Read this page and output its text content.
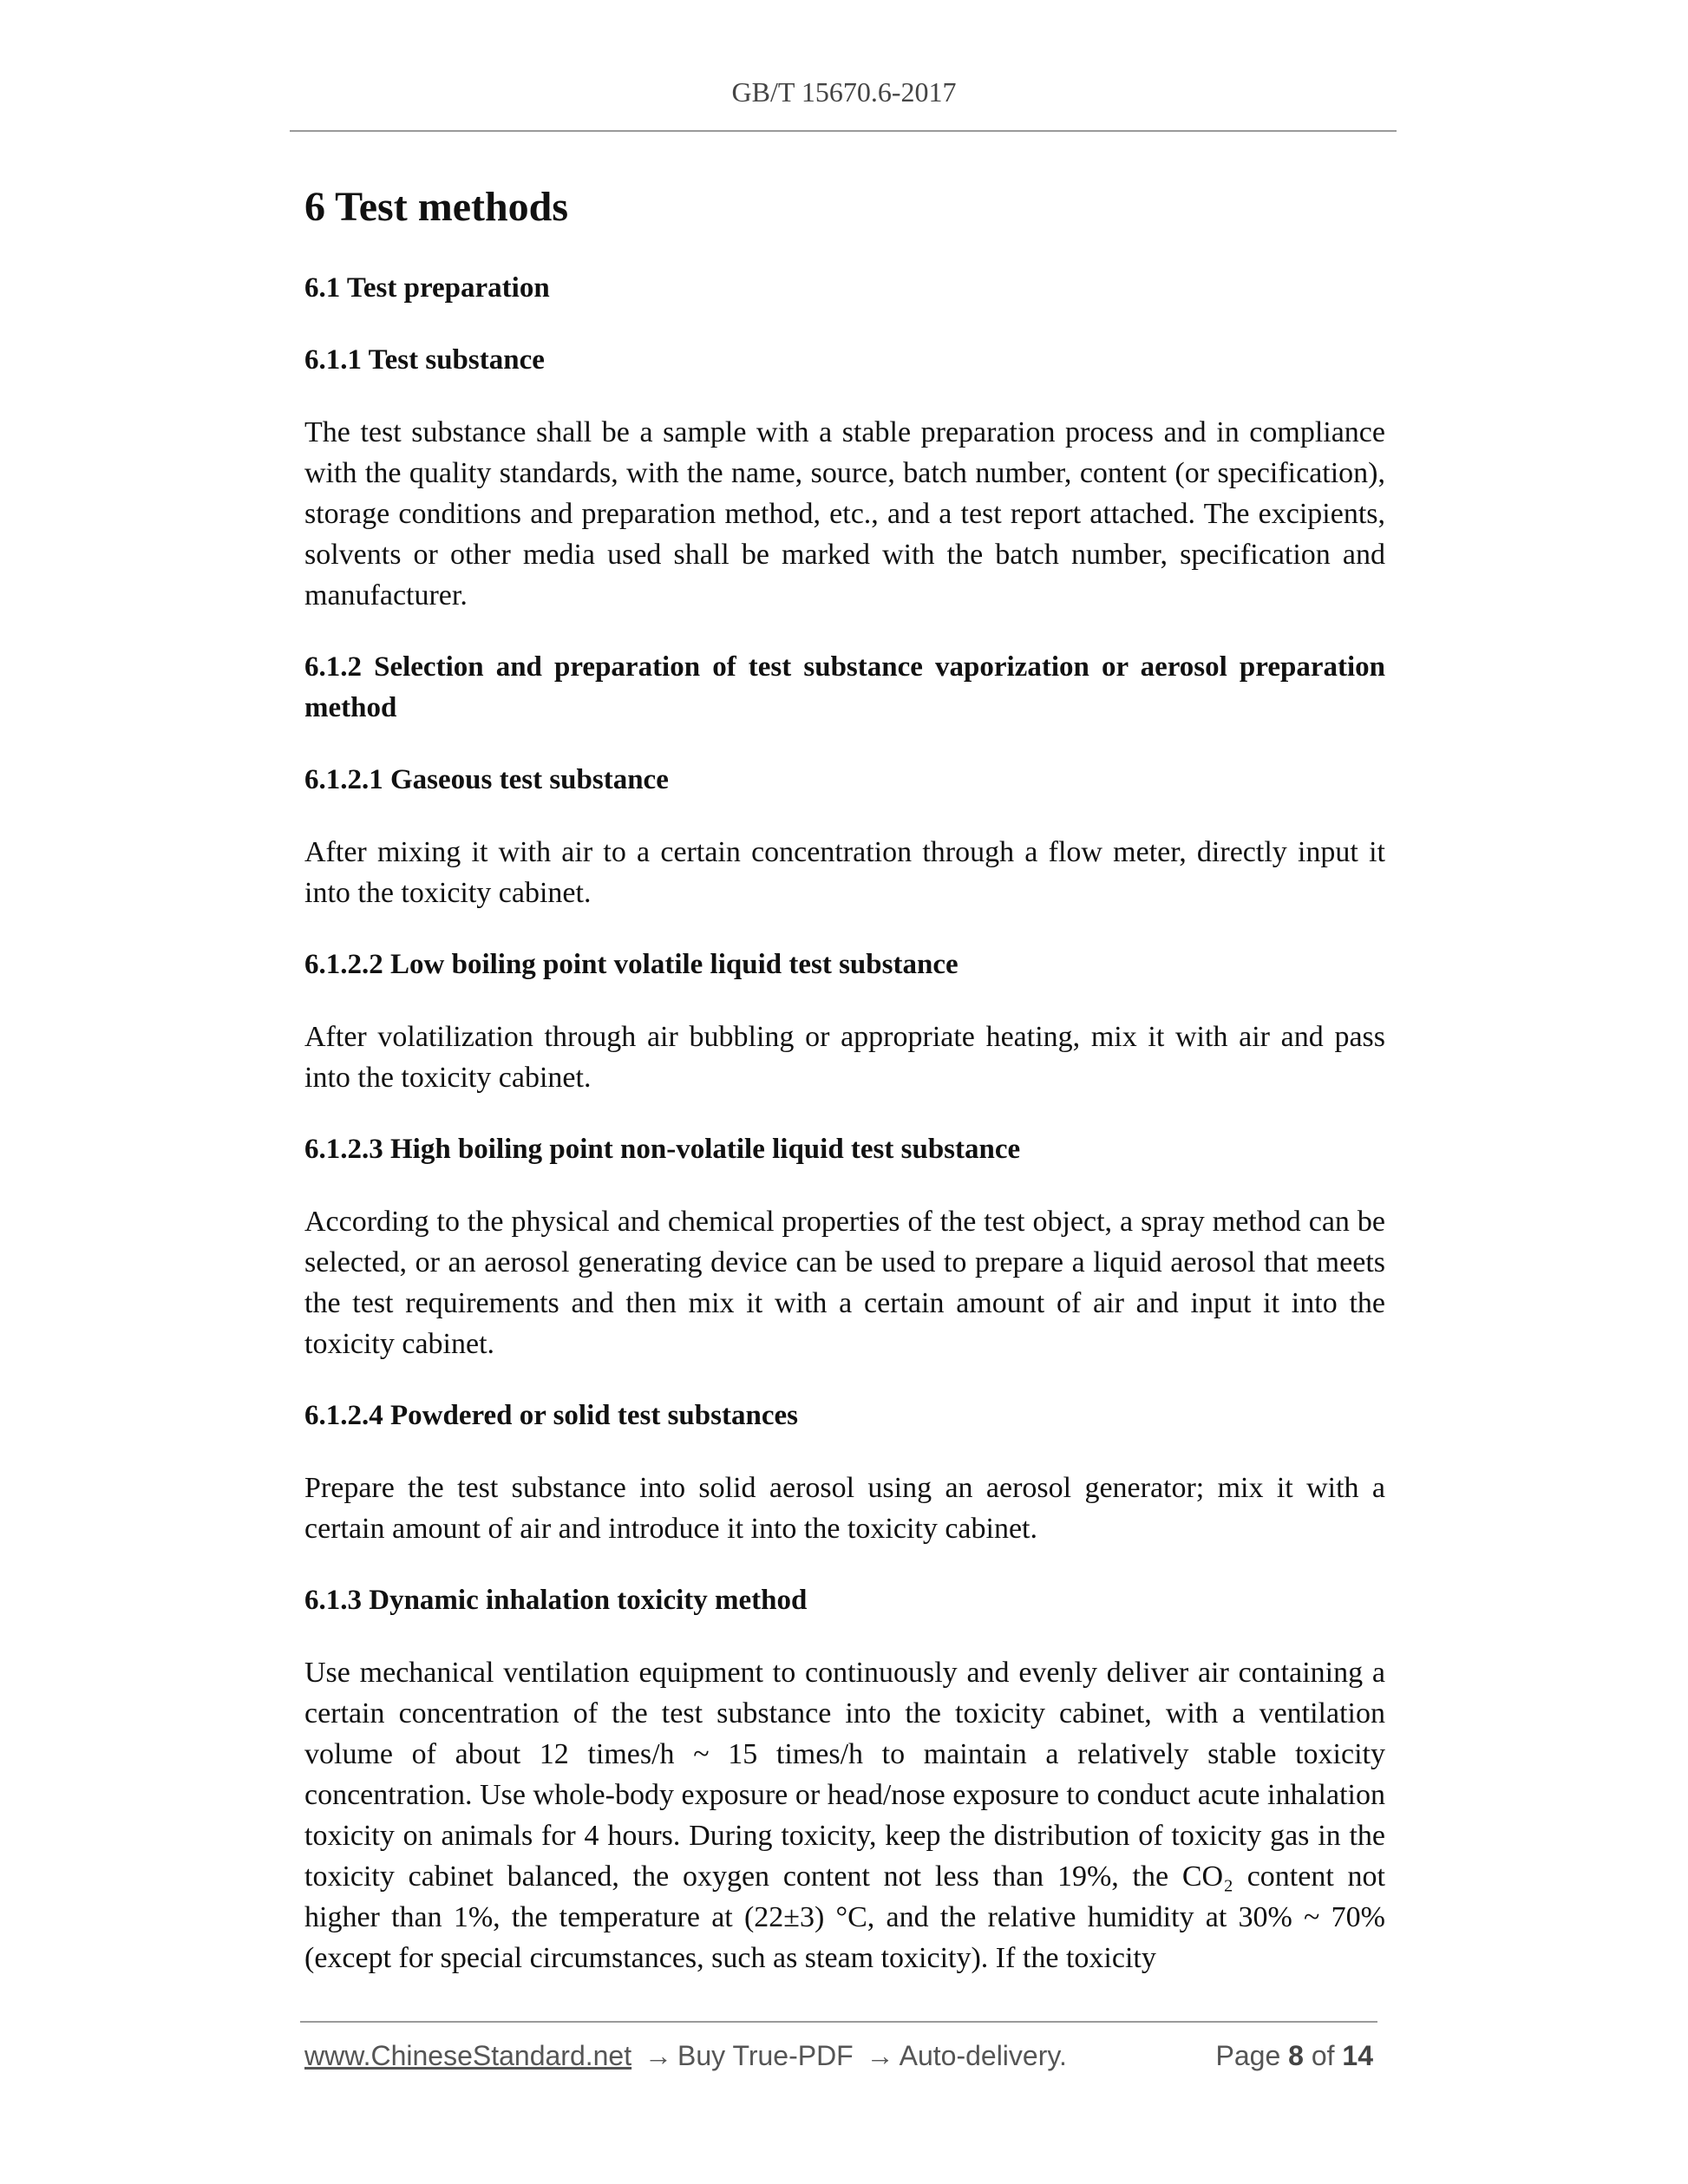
GB/T 15670.6-2017
6 Test methods
6.1 Test preparation
6.1.1 Test substance

The test substance shall be a sample with a stable preparation process and in compliance with the quality standards, with the name, source, batch number, content (or specification), storage conditions and preparation method, etc., and a test report attached. The excipients, solvents or other media used shall be marked with the batch number, specification and manufacturer.

6.1.2 Selection and preparation of test substance vaporization or aerosol preparation method
6.1.2.1 Gaseous test substance

After mixing it with air to a certain concentration through a flow meter, directly input it into the toxicity cabinet.

6.1.2.2 Low boiling point volatile liquid test substance

After volatilization through air bubbling or appropriate heating, mix it with air and pass into the toxicity cabinet.

6.1.2.3 High boiling point non-volatile liquid test substance

According to the physical and chemical properties of the test object, a spray method can be selected, or an aerosol generating device can be used to prepare a liquid aerosol that meets the test requirements and then mix it with a certain amount of air and input it into the toxicity cabinet.

6.1.2.4 Powdered or solid test substances

Prepare the test substance into solid aerosol using an aerosol generator; mix it with a certain amount of air and introduce it into the toxicity cabinet.

6.1.3 Dynamic inhalation toxicity method

Use mechanical ventilation equipment to continuously and evenly deliver air containing a certain concentration of the test substance into the toxicity cabinet, with a ventilation volume of about 12 times/h ~ 15 times/h to maintain a relatively stable toxicity concentration. Use whole-body exposure or head/nose exposure to conduct acute inhalation toxicity on animals for 4 hours. During toxicity, keep the distribution of toxicity gas in the toxicity cabinet balanced, the oxygen content not less than 19%, the CO₂ content not higher than 1%, the temperature at (22±3) °C, and the relative humidity at 30% ~ 70% (except for special circumstances, such as steam toxicity). If the toxicity

www.ChineseStandard.net → Buy True-PDF → Auto-delivery.	Page 8 of 14
